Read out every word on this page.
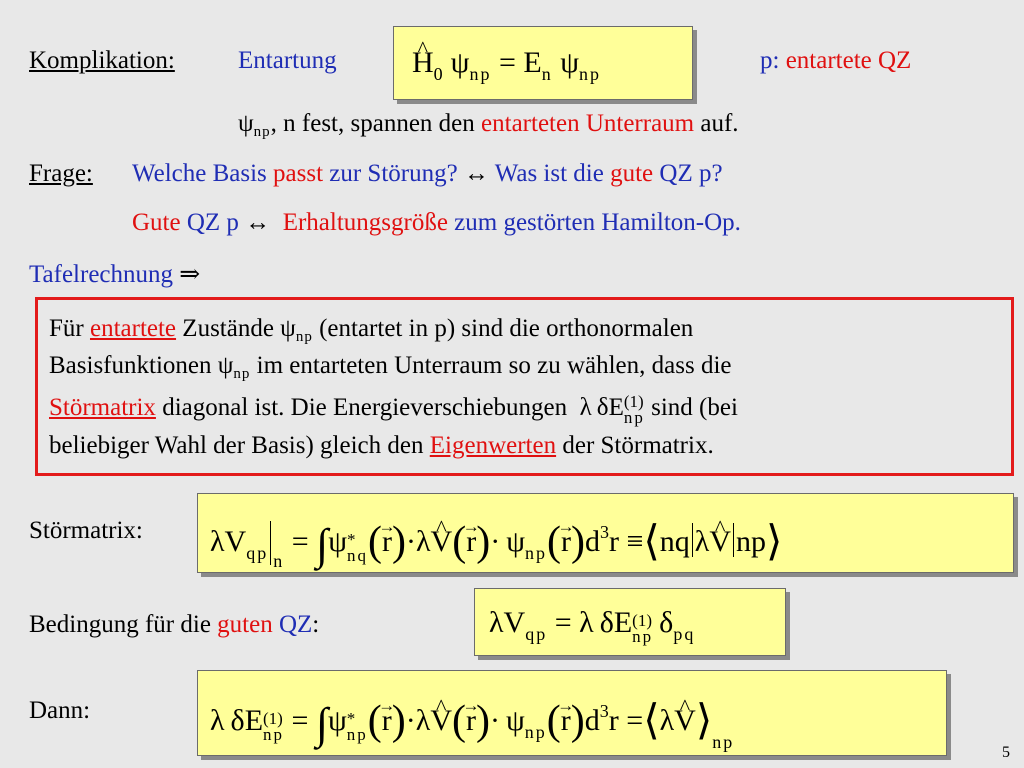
Komplikation:	Entartung
^	$H_0$ $\psi_{np} = E_n$ $\psi_{np}$	p: entartete QZ
$\psi_{np}$, n fest, spannen den entarteten Unterraum auf.
Frage: Welche Basis passt zur Störung? ↔ Was ist die gute QZ p?
Gute QZ p ↔ Erhaltungsgröße zum gestörten Hamilton-Op.
Tafelrechnung ⇒
Für entartete Zustände $\psi_{np}$ (entartet in p) sind die orthonormalen
Basisfunktionen $\psi_{np}$ im entarteten Unterraum so zu wählen, dass die
Störmatrix diagonal ist. Die Energieverschiebungen λ δE (1)
np sind (bei
beliebiger Wahl der Basis) gleich den Eigenwerten der Störmatrix.
Störmatrix: $\lambda V_{qp}$ $_n$ = ∫ψ *
nq (→ r)·λ^ $V(\to r)\cdot \psi_{np}(\to r)d^3r$ ≡⟨nq λ^ V np⟩
Bedingung für die guten QZ:	$\lambda V_{qp} = \lambda$ δE (1)
np  $\delta_{pq}$
Dann:	λ δE (1)
np = ∫ψ *
np (→ r)·λ^ $V(\to r)\cdot \psi_{np}(\to r)d^3r$ =⟨λ^ $V⟩_{np}$
5
